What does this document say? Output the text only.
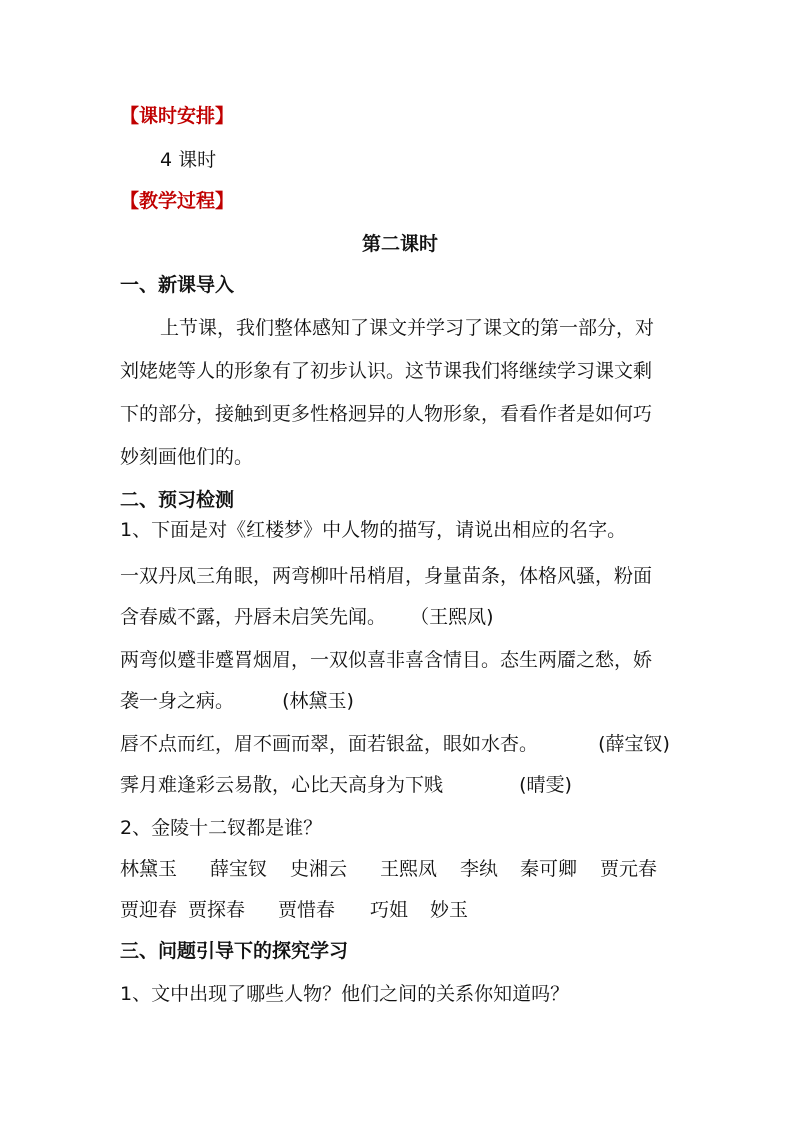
【课时安排】
4 课时
【教学过程】
第二课时
一、新课导入
上节课，我们整体感知了课文并学习了课文的第一部分，对
刘姥姥等人的形象有了初步认识。这节课我们将继续学习课文剩
下的部分，接触到更多性格迥异的人物形象，看看作者是如何巧
妙刻画他们的。
二、预习检测
1、下面是对《红楼梦》中人物的描写，请说出相应的名字。
一双丹凤三角眼，两弯柳叶吊梢眉，身量苗条，体格风骚，粉面
含春威不露，丹唇未启笑先闻。 （王熙凤)
两弯似蹙非蹙罥烟眉，一双似喜非喜含情目。态生两靥之愁，娇
袭一身之病。	(林黛玉)
唇不点而红，眉不画而翠，面若银盆，眼如水杏。	(薛宝钗)
霁月难逢彩云易散，心比天高身为下贱	(晴雯)
2、金陵十二钗都是谁？
林黛玉 薛宝钗 史湘云 王熙凤 李纨 秦可卿 贾元春
贾迎春 贾探春 贾惜春 巧姐 妙玉
三、问题引导下的探究学习
1、文中出现了哪些人物？他们之间的关系你知道吗？
